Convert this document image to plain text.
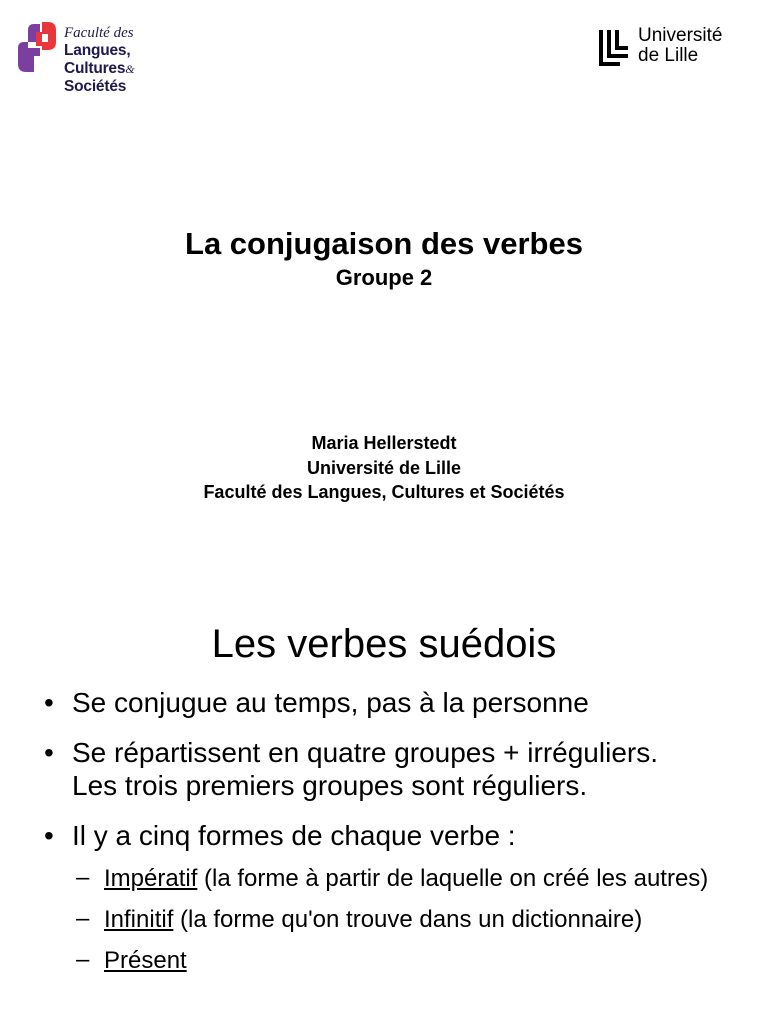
Faculté des
Langues,
Cultures&
Sociétés
Université
de Lille
La conjugaison des verbes
Groupe 2
Maria Hellerstedt
Université de Lille
Faculté des Langues, Cultures et Sociétés
Les verbes suédois
• Se conjugue au temps, pas à la personne
• Se répartissent en quatre groupes + irréguliers.
Les trois premiers groupes sont réguliers.
• Il y a cinq formes de chaque verbe :
– Impératif (la forme à partir de laquelle on créé les autres)
– Infinitif (la forme qu'on trouve dans un dictionnaire)
– Présent
